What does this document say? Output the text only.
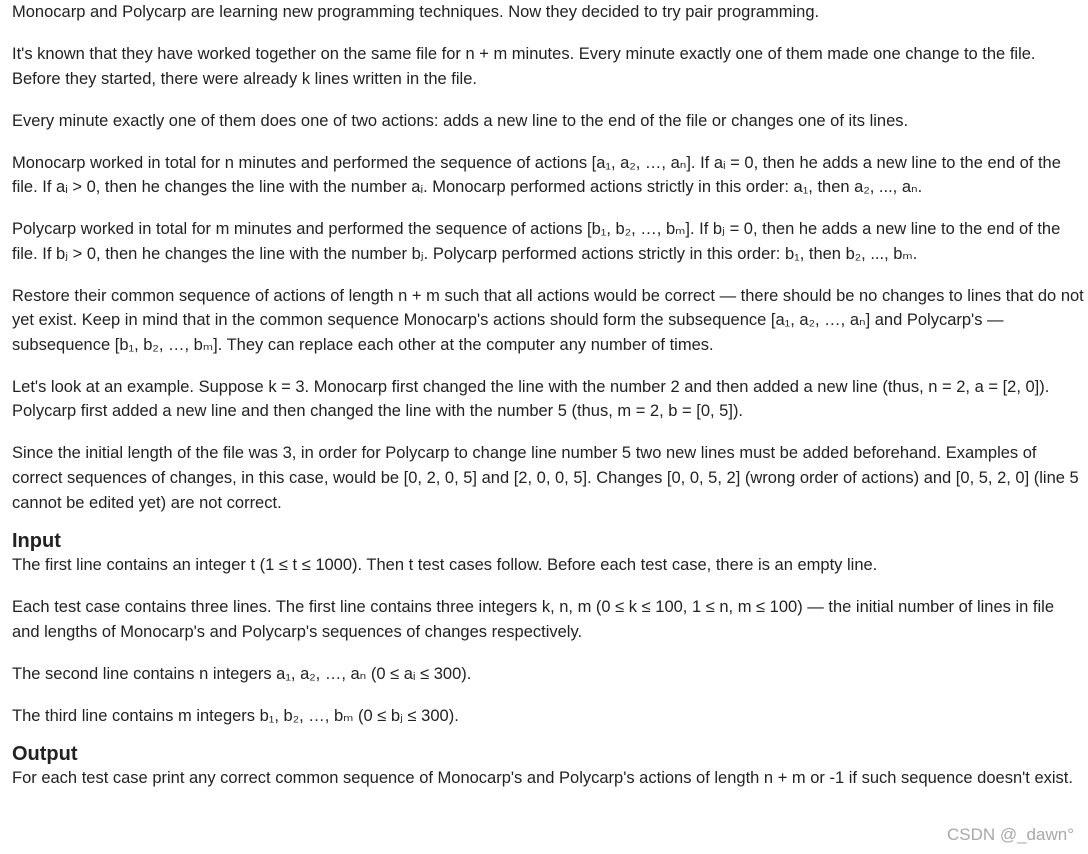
Monocarp and Polycarp are learning new programming techniques. Now they decided to try pair programming.

It's known that they have worked together on the same file for n + m minutes. Every minute exactly one of them made one change to the file. Before they started, there were already k lines written in the file.

Every minute exactly one of them does one of two actions: adds a new line to the end of the file or changes one of its lines.

Monocarp worked in total for n minutes and performed the sequence of actions [a₁, a₂, …, aₙ]. If aᵢ = 0, then he adds a new line to the end of the file. If aᵢ > 0, then he changes the line with the number aᵢ. Monocarp performed actions strictly in this order: a₁, then a₂, ..., aₙ.

Polycarp worked in total for m minutes and performed the sequence of actions [b₁, b₂, …, bₘ]. If bⱼ = 0, then he adds a new line to the end of the file. If bⱼ > 0, then he changes the line with the number bⱼ. Polycarp performed actions strictly in this order: b₁, then b₂, ..., bₘ.

Restore their common sequence of actions of length n + m such that all actions would be correct — there should be no changes to lines that do not yet exist. Keep in mind that in the common sequence Monocarp's actions should form the subsequence [a₁, a₂, …, aₙ] and Polycarp's — subsequence [b₁, b₂, …, bₘ]. They can replace each other at the computer any number of times.

Let's look at an example. Suppose k = 3. Monocarp first changed the line with the number 2 and then added a new line (thus, n = 2, a = [2, 0]). Polycarp first added a new line and then changed the line with the number 5 (thus, m = 2, b = [0, 5]).

Since the initial length of the file was 3, in order for Polycarp to change line number 5 two new lines must be added beforehand. Examples of correct sequences of changes, in this case, would be [0, 2, 0, 5] and [2, 0, 0, 5]. Changes [0, 0, 5, 2] (wrong order of actions) and [0, 5, 2, 0] (line 5 cannot be edited yet) are not correct.

Input

The first line contains an integer t (1 ≤ t ≤ 1000). Then t test cases follow. Before each test case, there is an empty line.

Each test case contains three lines. The first line contains three integers k, n, m (0 ≤ k ≤ 100, 1 ≤ n, m ≤ 100) — the initial number of lines in file and lengths of Monocarp's and Polycarp's sequences of changes respectively.

The second line contains n integers a₁, a₂, …, aₙ (0 ≤ aᵢ ≤ 300).

The third line contains m integers b₁, b₂, …, bₘ (0 ≤ bⱼ ≤ 300).

Output

For each test case print any correct common sequence of Monocarp's and Polycarp's actions of length n + m or -1 if such sequence doesn't exist.

CSDN @_dawn°
